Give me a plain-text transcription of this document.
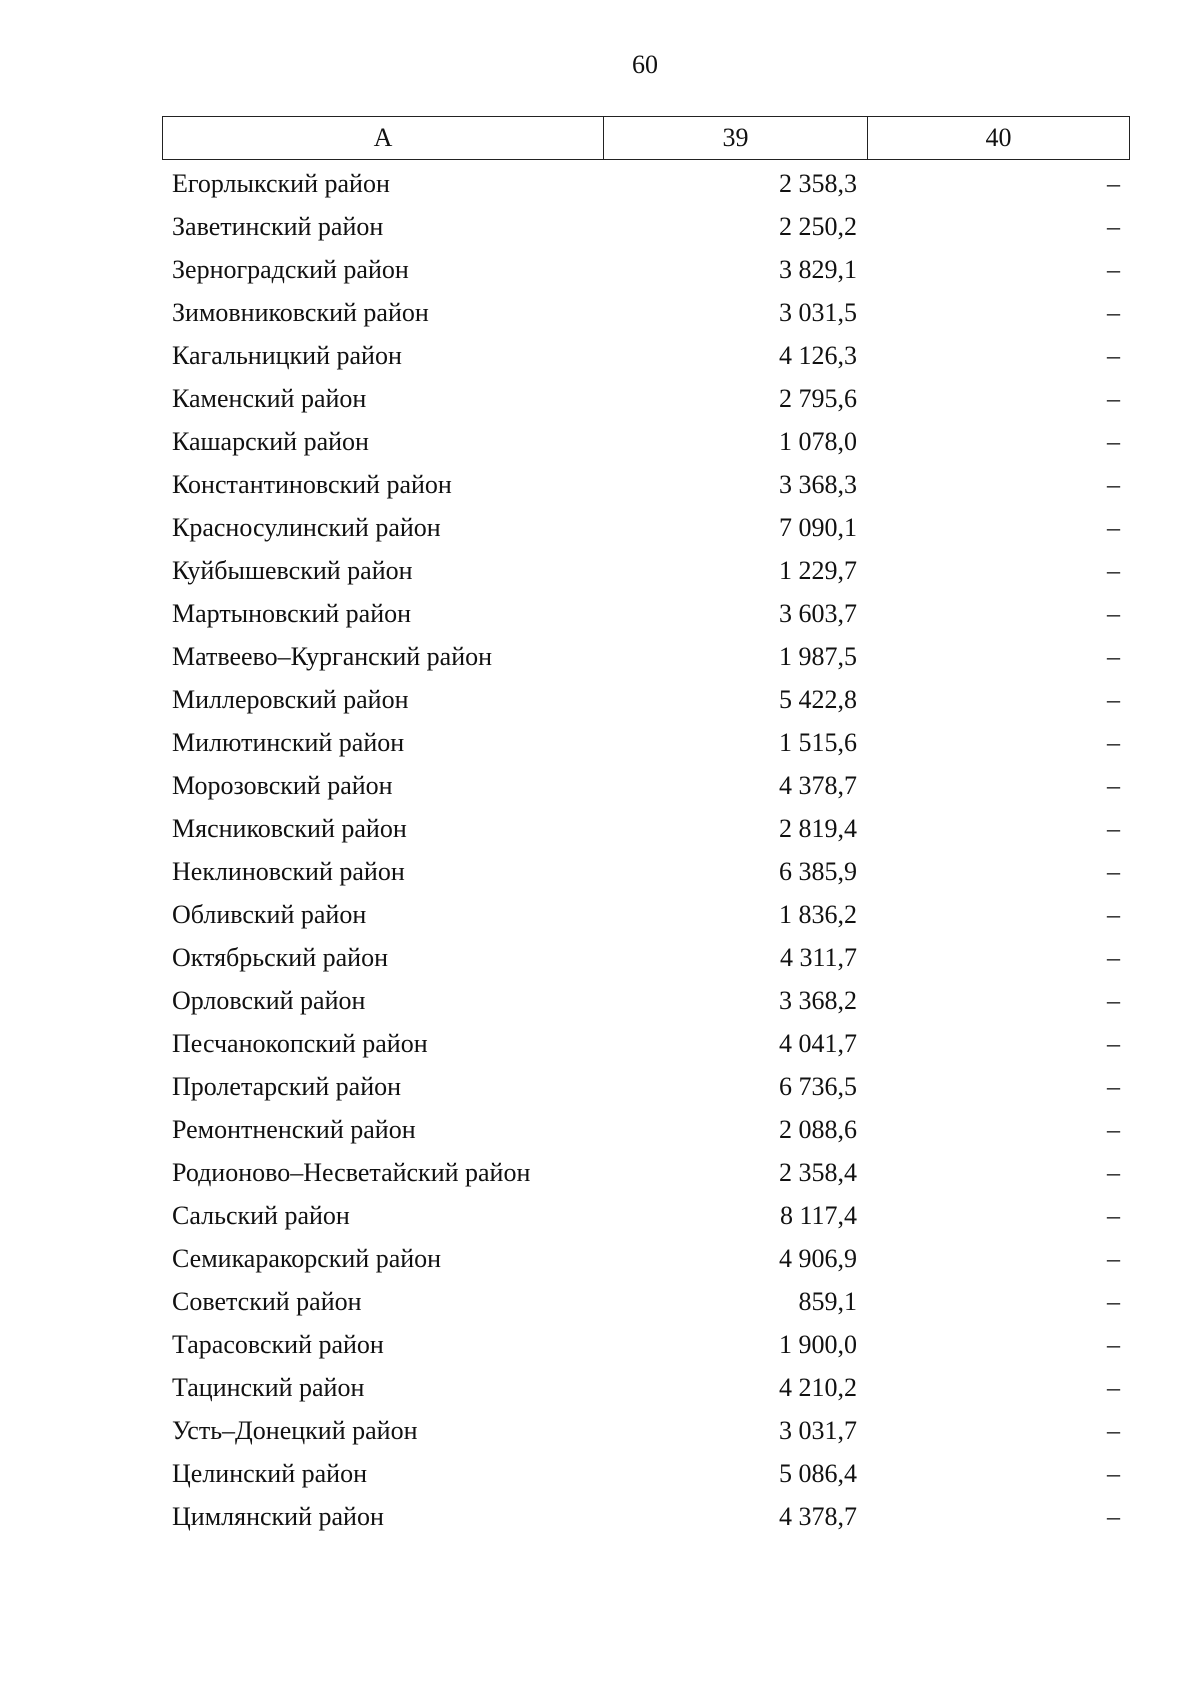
60
А	39	40
Егорлыкский район	2 358,3	–
Заветинский район	2 250,2	–
Зерноградский район	3 829,1	–
Зимовниковский район	3 031,5	–
Кагальницкий район	4 126,3	–
Каменский район	2 795,6	–
Кашарский район	1 078,0	–
Константиновский район	3 368,3	–
Красносулинский район	7 090,1	–
Куйбышевский район	1 229,7	–
Мартыновский район	3 603,7	–
Матвеево–Курганский район	1 987,5	–
Миллеровский район	5 422,8	–
Милютинский район	1 515,6	–
Морозовский район	4 378,7	–
Мясниковский район	2 819,4	–
Неклиновский район	6 385,9	–
Обливский район	1 836,2	–
Октябрьский район	4 311,7	–
Орловский район	3 368,2	–
Песчанокопский район	4 041,7	–
Пролетарский район	6 736,5	–
Ремонтненский район	2 088,6	–
Родионово–Несветайский район	2 358,4	–
Сальский район	8 117,4	–
Семикаракорский район	4 906,9	–
Советский район	859,1	–
Тарасовский район	1 900,0	–
Тацинский район	4 210,2	–
Усть–Донецкий район	3 031,7	–
Целинский район	5 086,4	–
Цимлянский район	4 378,7	–
